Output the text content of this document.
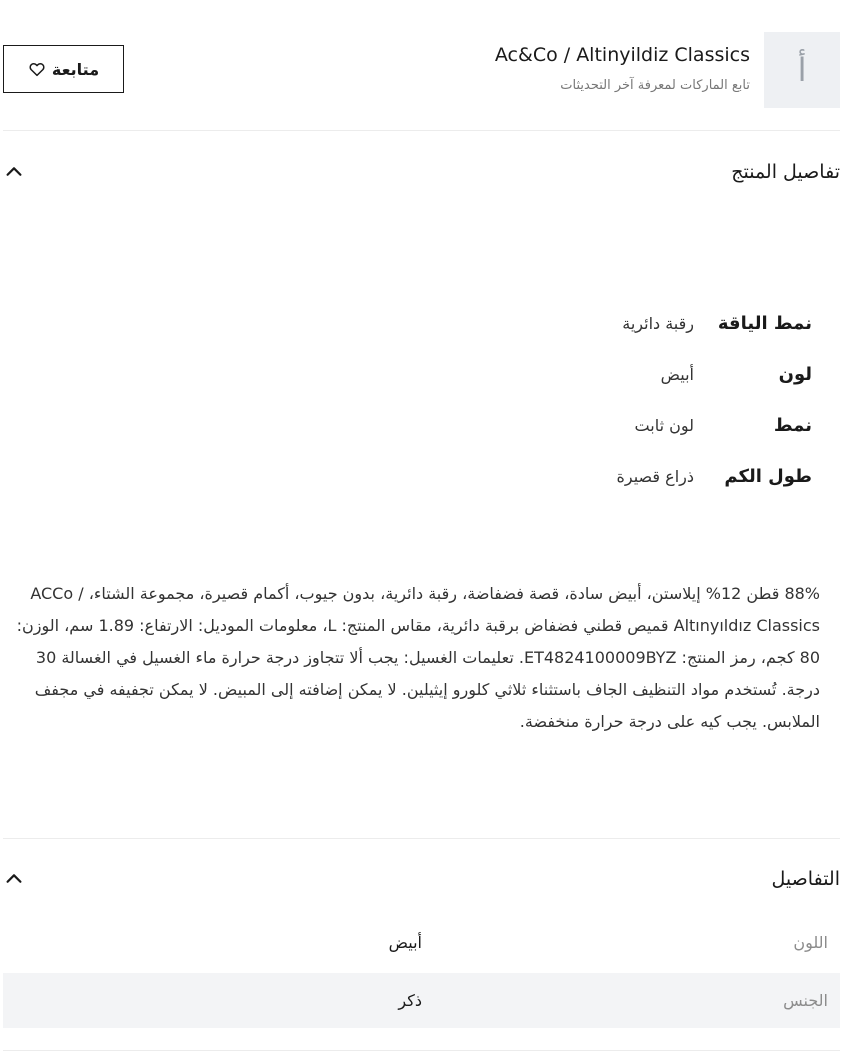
أ
Ac&Co / Altinyildiz Classics
تابع الماركات لمعرفة آخر التحديثات
متابعة
تفاصيل المنتج
نمط الياقة
رقبة دائرية
لون
أبيض
نمط
لون ثابت
طول الكم
ذراع قصيرة

88% قطن 12% إيلاستن، أبيض سادة، قصة فضفاضة، رقبة دائرية، بدون جيوب، أكمام قصيرة، مجموعة الشتاء، ACCo / Altınyıldız Classics قميص قطني فضفاض برقبة دائرية، مقاس المنتج: L، معلومات الموديل: الارتفاع: 1.89 سم، الوزن: 80 كجم، رمز المنتج: ET4824100009BYZ. تعليمات الغسيل: يجب ألا تتجاوز درجة حرارة ماء الغسيل في الغسالة 30 درجة. تُستخدم مواد التنظيف الجاف باستثناء ثلاثي كلورو إيثيلين. لا يمكن إضافته إلى المبيض. لا يمكن تجفيفه في مجفف الملابس. يجب كيه على درجة حرارة منخفضة.

التفاصيل
اللون
أبيض
الجنس
ذكر
